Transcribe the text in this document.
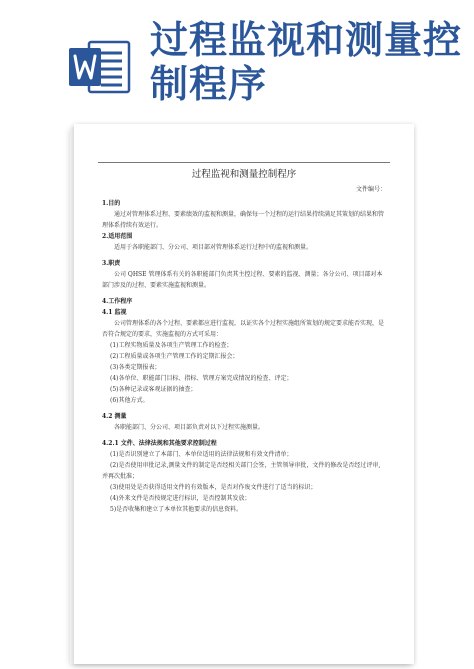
过程监视和测量控
制程序
过程监视和测量控制程序
文件编号：
1.目的
通过对管理体系过程、要素绩效的监视和测量，确保每一个过程的运行结果持续满足其策划的结果和管
理体系持续有效运行。
2.适用范围
适用于各职能部门、分公司、项目部对管理体系运行过程中的监视和测量。
3.职责
公司 QHSE 管理体系有关的各职能部门负责其主控过程、要素的监视、测量；各分公司、项目部对本
部门涉及的过程、要素实施监视和测量。
4.工作程序
4.1 监视
公司管理体系的各个过程、要素都应进行监视，以证实各个过程实施组所策划的规定要求能否实现，是
否符合规定的要求，实施监视的方式可采用：
(1)工程实物质量及各项生产管理工作的检查；
(2)工程质量或各项生产管理工作的定期汇报会；
(3)各类定期报表；
(4)各单位、职能部门目标、指标、管理方案完成情况的检查、评定；
(5)各种记录或客观证据的抽查；
(6)其他方式。
4.2 测量
各职能部门、分公司、项目部负责对以下过程实施测量。
4.2.1 文件、法律法规和其他要求控制过程
(1)是否识别建立了本部门、本单位适用的法律法规和有效文件清单；
(2)是否使用审批记录,测量文件的制定是否经相关部门会签，主管领导审批，文件的修改是否经过评审,
并再次批准；
(3)使用处是否获得适用文件的有效版本，是否对作废文件进行了适当的标识；
(4)外来文件是否按规定进行标识，是否控制其发放；
5)是否收集和建立了本单位其他要求的信息资料。
